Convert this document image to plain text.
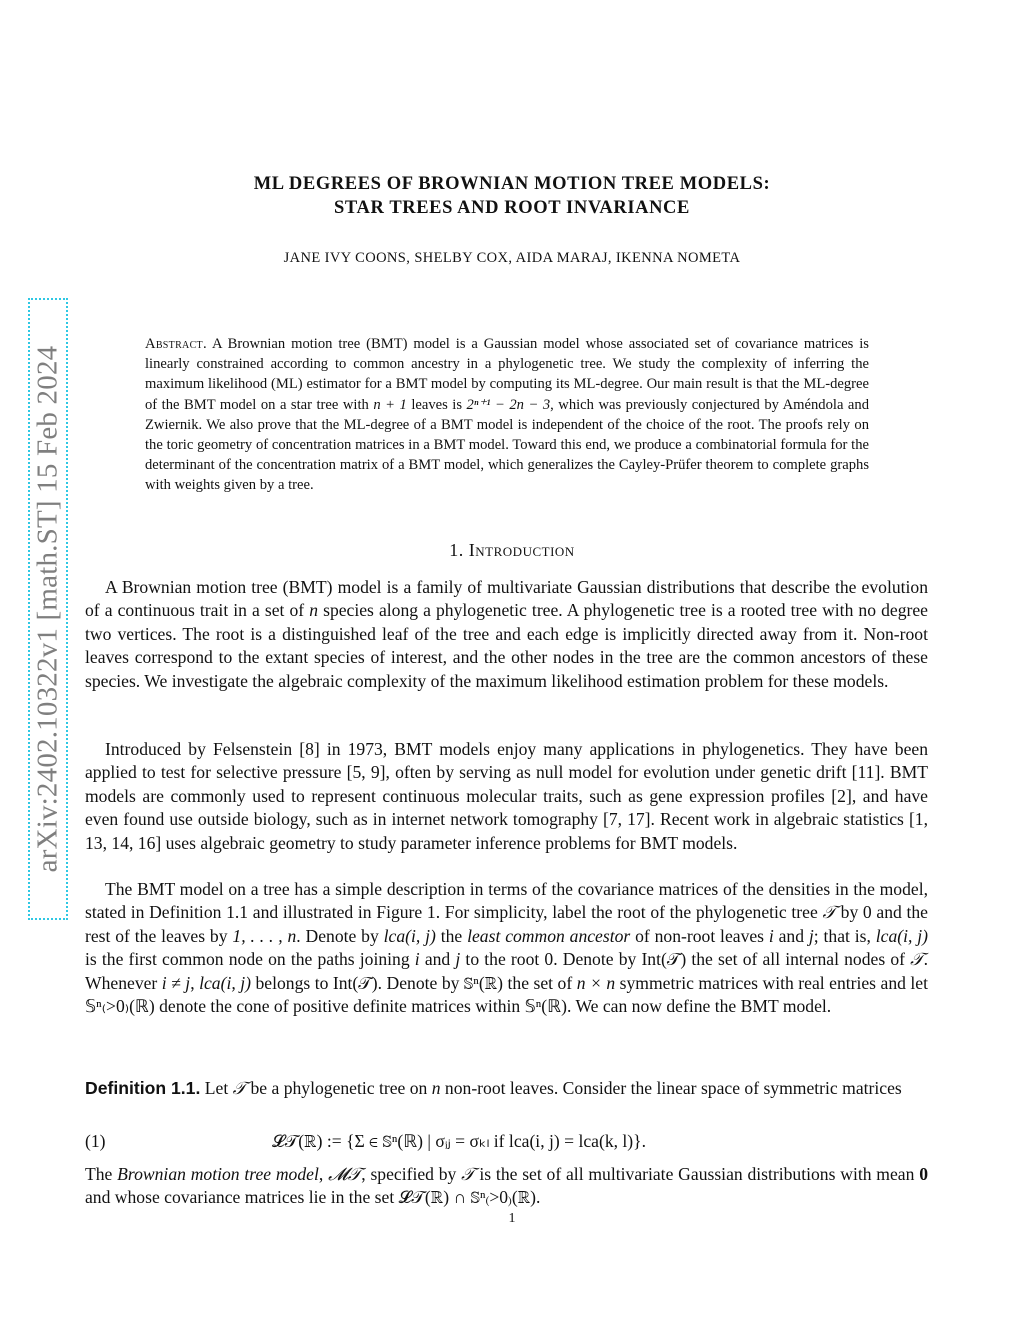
arXiv:2402.10322v1 [math.ST] 15 Feb 2024
ML DEGREES OF BROWNIAN MOTION TREE MODELS:
STAR TREES AND ROOT INVARIANCE
JANE IVY COONS, SHELBY COX, AIDA MARAJ, IKENNA NOMETA
Abstract. A Brownian motion tree (BMT) model is a Gaussian model whose associated set of covariance matrices is linearly constrained according to common ancestry in a phylogenetic tree. We study the complexity of inferring the maximum likelihood (ML) estimator for a BMT model by computing its ML-degree. Our main result is that the ML-degree of the BMT model on a star tree with n + 1 leaves is 2ⁿ⁺¹ − 2n − 3, which was previously conjectured by Améndola and Zwiernik. We also prove that the ML-degree of a BMT model is independent of the choice of the root. The proofs rely on the toric geometry of concentration matrices in a BMT model. Toward this end, we produce a combinatorial formula for the determinant of the concentration matrix of a BMT model, which generalizes the Cayley-Prüfer theorem to complete graphs with weights given by a tree.
1. Introduction

A Brownian motion tree (BMT) model is a family of multivariate Gaussian distributions that describe the evolution of a continuous trait in a set of n species along a phylogenetic tree. A phylogenetic tree is a rooted tree with no degree two vertices. The root is a distinguished leaf of the tree and each edge is implicitly directed away from it. Non-root leaves correspond to the extant species of interest, and the other nodes in the tree are the common ancestors of these species. We investigate the algebraic complexity of the maximum likelihood estimation problem for these models.

Introduced by Felsenstein [8] in 1973, BMT models enjoy many applications in phylogenetics. They have been applied to test for selective pressure [5, 9], often by serving as null model for evolution under genetic drift [11]. BMT models are commonly used to represent continuous molecular traits, such as gene expression profiles [2], and have even found use outside biology, such as in internet network tomography [7, 17]. Recent work in algebraic statistics [1, 13, 14, 16] uses algebraic geometry to study parameter inference problems for BMT models.

The BMT model on a tree has a simple description in terms of the covariance matrices of the densities in the model, stated in Definition 1.1 and illustrated in Figure 1. For simplicity, label the root of the phylogenetic tree 𝒯 by 0 and the rest of the leaves by 1, . . . , n. Denote by lca(i, j) the least common ancestor of non-root leaves i and j; that is, lca(i, j) is the first common node on the paths joining i and j to the root 0. Denote by Int(𝒯) the set of all internal nodes of 𝒯. Whenever i ≠ j, lca(i, j) belongs to Int(𝒯). Denote by 𝕊ⁿ(ℝ) the set of n × n symmetric matrices with real entries and let 𝕊ⁿ₍>0₎(ℝ) denote the cone of positive definite matrices within 𝕊ⁿ(ℝ). We can now define the BMT model.

Definition 1.1. Let 𝒯 be a phylogenetic tree on n non-root leaves. Consider the linear space of symmetric matrices
(1)	𝓛𝒯(ℝ) := {Σ ∈ 𝕊ⁿ(ℝ) | σᵢⱼ = σₖₗ if lca(i, j) = lca(k, l)}.
The Brownian motion tree model, 𝓜𝒯, specified by 𝒯 is the set of all multivariate Gaussian distributions with mean 0 and whose covariance matrices lie in the set 𝓛𝒯(ℝ) ∩ 𝕊ⁿ₍>0₎(ℝ).
1
